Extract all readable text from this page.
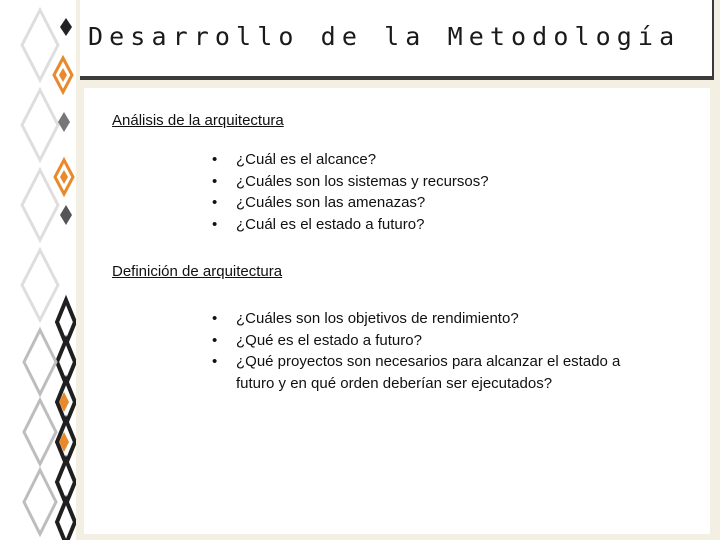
Desarrollo de la Metodología
Análisis de la arquitectura
• ¿Cuál es el alcance?
• ¿Cuáles son los sistemas y recursos?
• ¿Cuáles son las amenazas?
• ¿Cuál es el estado a futuro?
Definición de arquitectura
• ¿Cuáles son los objetivos de rendimiento?
• ¿Qué es el estado a futuro?
• ¿Qué proyectos son necesarios para alcanzar el estado a futuro y en qué orden deberían ser ejecutados?
